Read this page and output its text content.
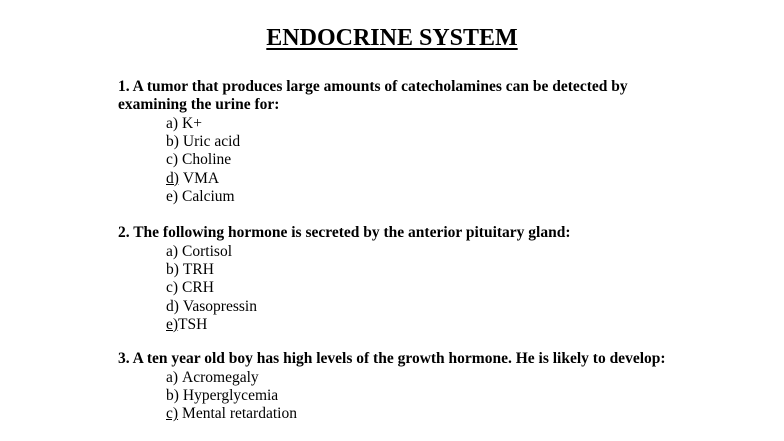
ENDOCRINE SYSTEM
1. A tumor that produces large amounts of catecholamines can be detected by examining the urine for:
a) K+
b) Uric acid
c) Choline
d) VMA
e) Calcium
2. The following hormone is secreted by the anterior pituitary gland:
a) Cortisol
b) TRH
c) CRH
d) Vasopressin
e)TSH
3. A ten year old boy has high levels of the growth hormone. He is likely to develop:
a) Acromegaly
b) Hyperglycemia
c) Mental retardation
